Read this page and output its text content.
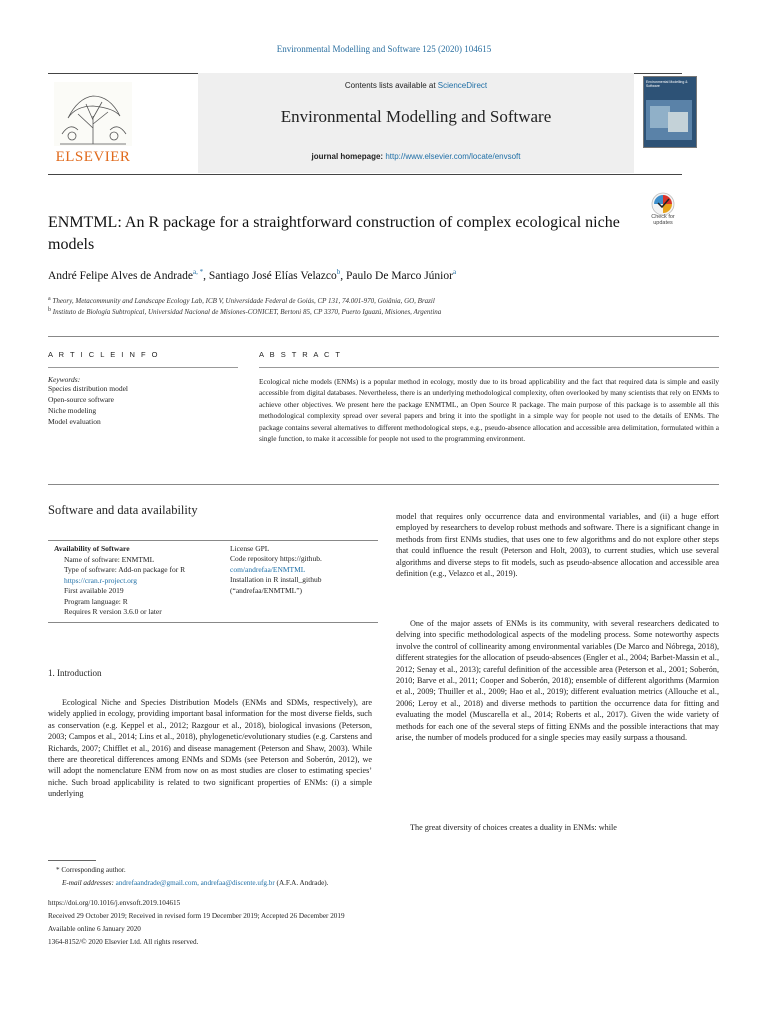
Environmental Modelling and Software 125 (2020) 104615
ELSEVIER
Contents lists available at ScienceDirect
Environmental Modelling and Software
journal homepage: http://www.elsevier.com/locate/envsoft
Environmental Modelling & Software
Check for updates
ENMTML: An R package for a straightforward construction of complex ecological niche models
André Felipe Alves de Andrade$^{a, *}$, Santiago José Elías Velazco$^b$, Paulo De Marco Júnior$^a$
$^a$ Theory, Metacommunity and Landscape Ecology Lab, ICB V, Universidade Federal de Goiás, CP 131, 74.001-970, Goiânia, GO, Brazil
$^b$ Instituto de Biología Subtropical, Universidad Nacional de Misiones-CONICET, Bertoni 85, CP 3370, Puerto Iguazú, Misiones, Argentina
A R T I C L E I N F O	A B S T R A C T
Keywords:
Species distribution model
Open-source software
Niche modeling
Model evaluation
Ecological niche models (ENMs) is a popular method in ecology, mostly due to its broad applicability and the fact that required data is simple and easily accessible from digital databases. Nevertheless, there is an underlying methodological complexity, often overlooked by many scientists that rely on ENMs to achieve other objectives. We present here the package ENMTML, an Open Source R package. The main purpose of this package is to assemble all this methodological complexity spread over several papers and bring it into the spotlight in a simple way for people not used to the details of ENMs. The package contains several alternatives to different methodological steps, e.g., pseudo-absence allocation and accessible area delimitation, formulated within a single function, to make it accessible for people not used to the programming environment.
Software and data availability
Availability of Software
Name of software: ENMTML
Type of software: Add-on package for R
https://cran.r-project.org
First available 2019
Program language: R
Requires R version 3.6.0 or later
License GPL
Code repository https://github.
com/andrefaa/ENMTML
Installation in R install_github
(“andrefaa/ENMTML”)
1. Introduction
Ecological Niche and Species Distribution Models (ENMs and SDMs, respectively), are widely applied in ecology, providing important basal information for the most diverse fields, such as conservation (e.g. Keppel et al., 2012; Razgour et al., 2018), biological invasions (Peterson, 2003; Campos et al., 2014; Lins et al., 2018), phylogenetic/evolutionary studies (e.g. Carstens and Richards, 2007; Chifflet et al., 2016) and disease management (Peterson and Shaw, 2003). While there are theoretical differences among ENMs and SDMs (see Peterson and Soberón, 2012), we will adopt the nomenclature ENM from now on as most studies are closer to estimating species’ niche. Such broad applicability is related to two significant properties of ENMs: (i) a simple underlying
model that requires only occurrence data and environmental variables, and (ii) a huge effort employed by researchers to develop robust methods and software. There is a significant change in methods from first ENMs studies, that uses one to few algorithms and do not explore other steps that could influence the result (Peterson and Holt, 2003), to current studies, which use several algorithms and diverse steps to fit models, such as pseudo-absence allocation and accessible area definition (e.g., Velazco et al., 2019).
One of the major assets of ENMs is its community, with several researchers dedicated to delving into specific methodological aspects of the modeling process. Some noteworthy aspects involve the control of collinearity among environmental variables (De Marco and Nóbrega, 2018), different strategies for the allocation of pseudo-absences (Engler et al., 2004; Barbet-Massin et al., 2012; Senay et al., 2013); careful definition of the accessible area (Peterson et al., 2001; Soberón, 2010; Barve et al., 2011; Cooper and Soberón, 2018); ensemble of different algorithms (Marmion et al., 2009; Thuiller et al., 2009; Hao et al., 2019); different evaluation metrics (Allouche et al., 2006; Leroy et al., 2018) and diverse methods to partition the occurrence data for fitting and evaluating the model (Muscarella et al., 2014; Roberts et al., 2017). Given the wide variety of methods for each one of the several steps of fitting ENMs and the possible interactions that may arise, the number of models produced for a single species may easily surpass a thousand.
The great diversity of choices creates a duality in ENMs: while
* Corresponding author.
E-mail addresses: andrefaandrade@gmail.com, andrefaa@discente.ufg.br (A.F.A. Andrade).
https://doi.org/10.1016/j.envsoft.2019.104615
Received 29 October 2019; Received in revised form 19 December 2019; Accepted 26 December 2019
Available online 6 January 2020
1364-8152/© 2020 Elsevier Ltd. All rights reserved.
